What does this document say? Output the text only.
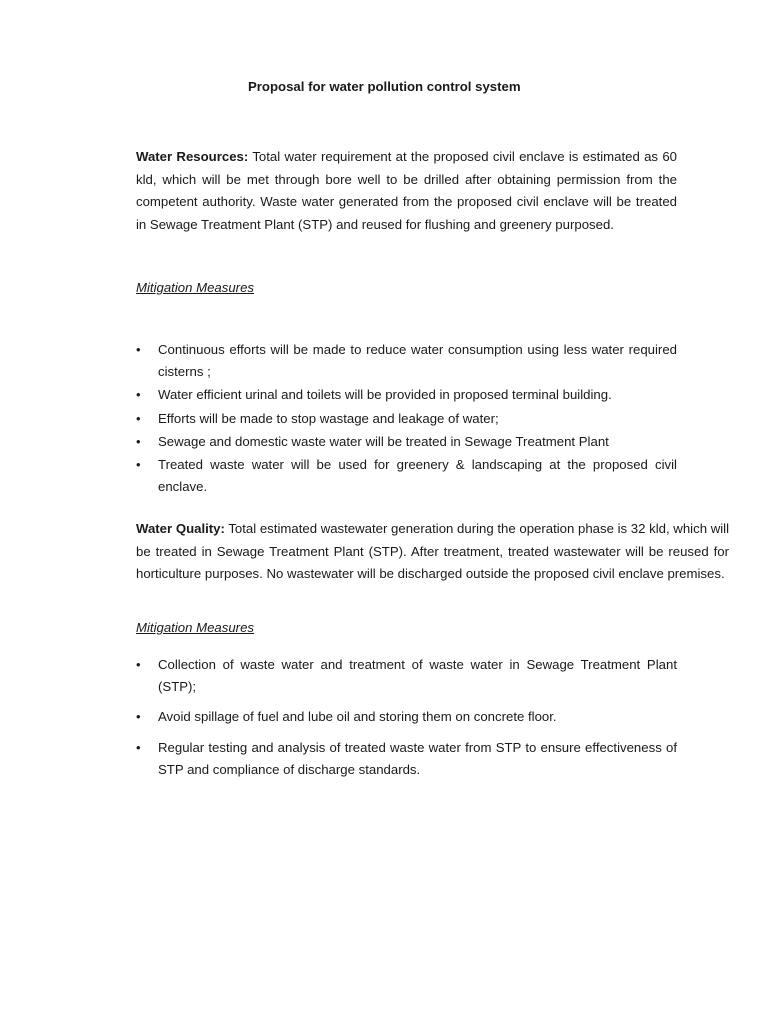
Proposal for water pollution control system
Water Resources: Total water requirement at the proposed civil enclave is estimated as 60 kld, which will be met through bore well to be drilled after obtaining permission from the competent authority. Waste water generated from the proposed civil enclave will be treated in Sewage Treatment Plant (STP) and reused for flushing and greenery purposed.
Mitigation Measures
• Continuous efforts will be made to reduce water consumption using less water required cisterns ;
• Water efficient urinal and toilets will be provided in proposed terminal building.
• Efforts will be made to stop wastage and leakage of water;
• Sewage and domestic waste water will be treated in Sewage Treatment Plant
• Treated waste water will be used for greenery & landscaping at the proposed civil enclave.
Water Quality: Total estimated wastewater generation during the operation phase is 32 kld, which will be treated in Sewage Treatment Plant (STP). After treatment, treated wastewater will be reused for horticulture purposes. No wastewater will be discharged outside the proposed civil enclave premises.
Mitigation Measures
• Collection of waste water and treatment of waste water in Sewage Treatment Plant (STP);
• Avoid spillage of fuel and lube oil and storing them on concrete floor.
• Regular testing and analysis of treated waste water from STP to ensure effectiveness of STP and compliance of discharge standards.
